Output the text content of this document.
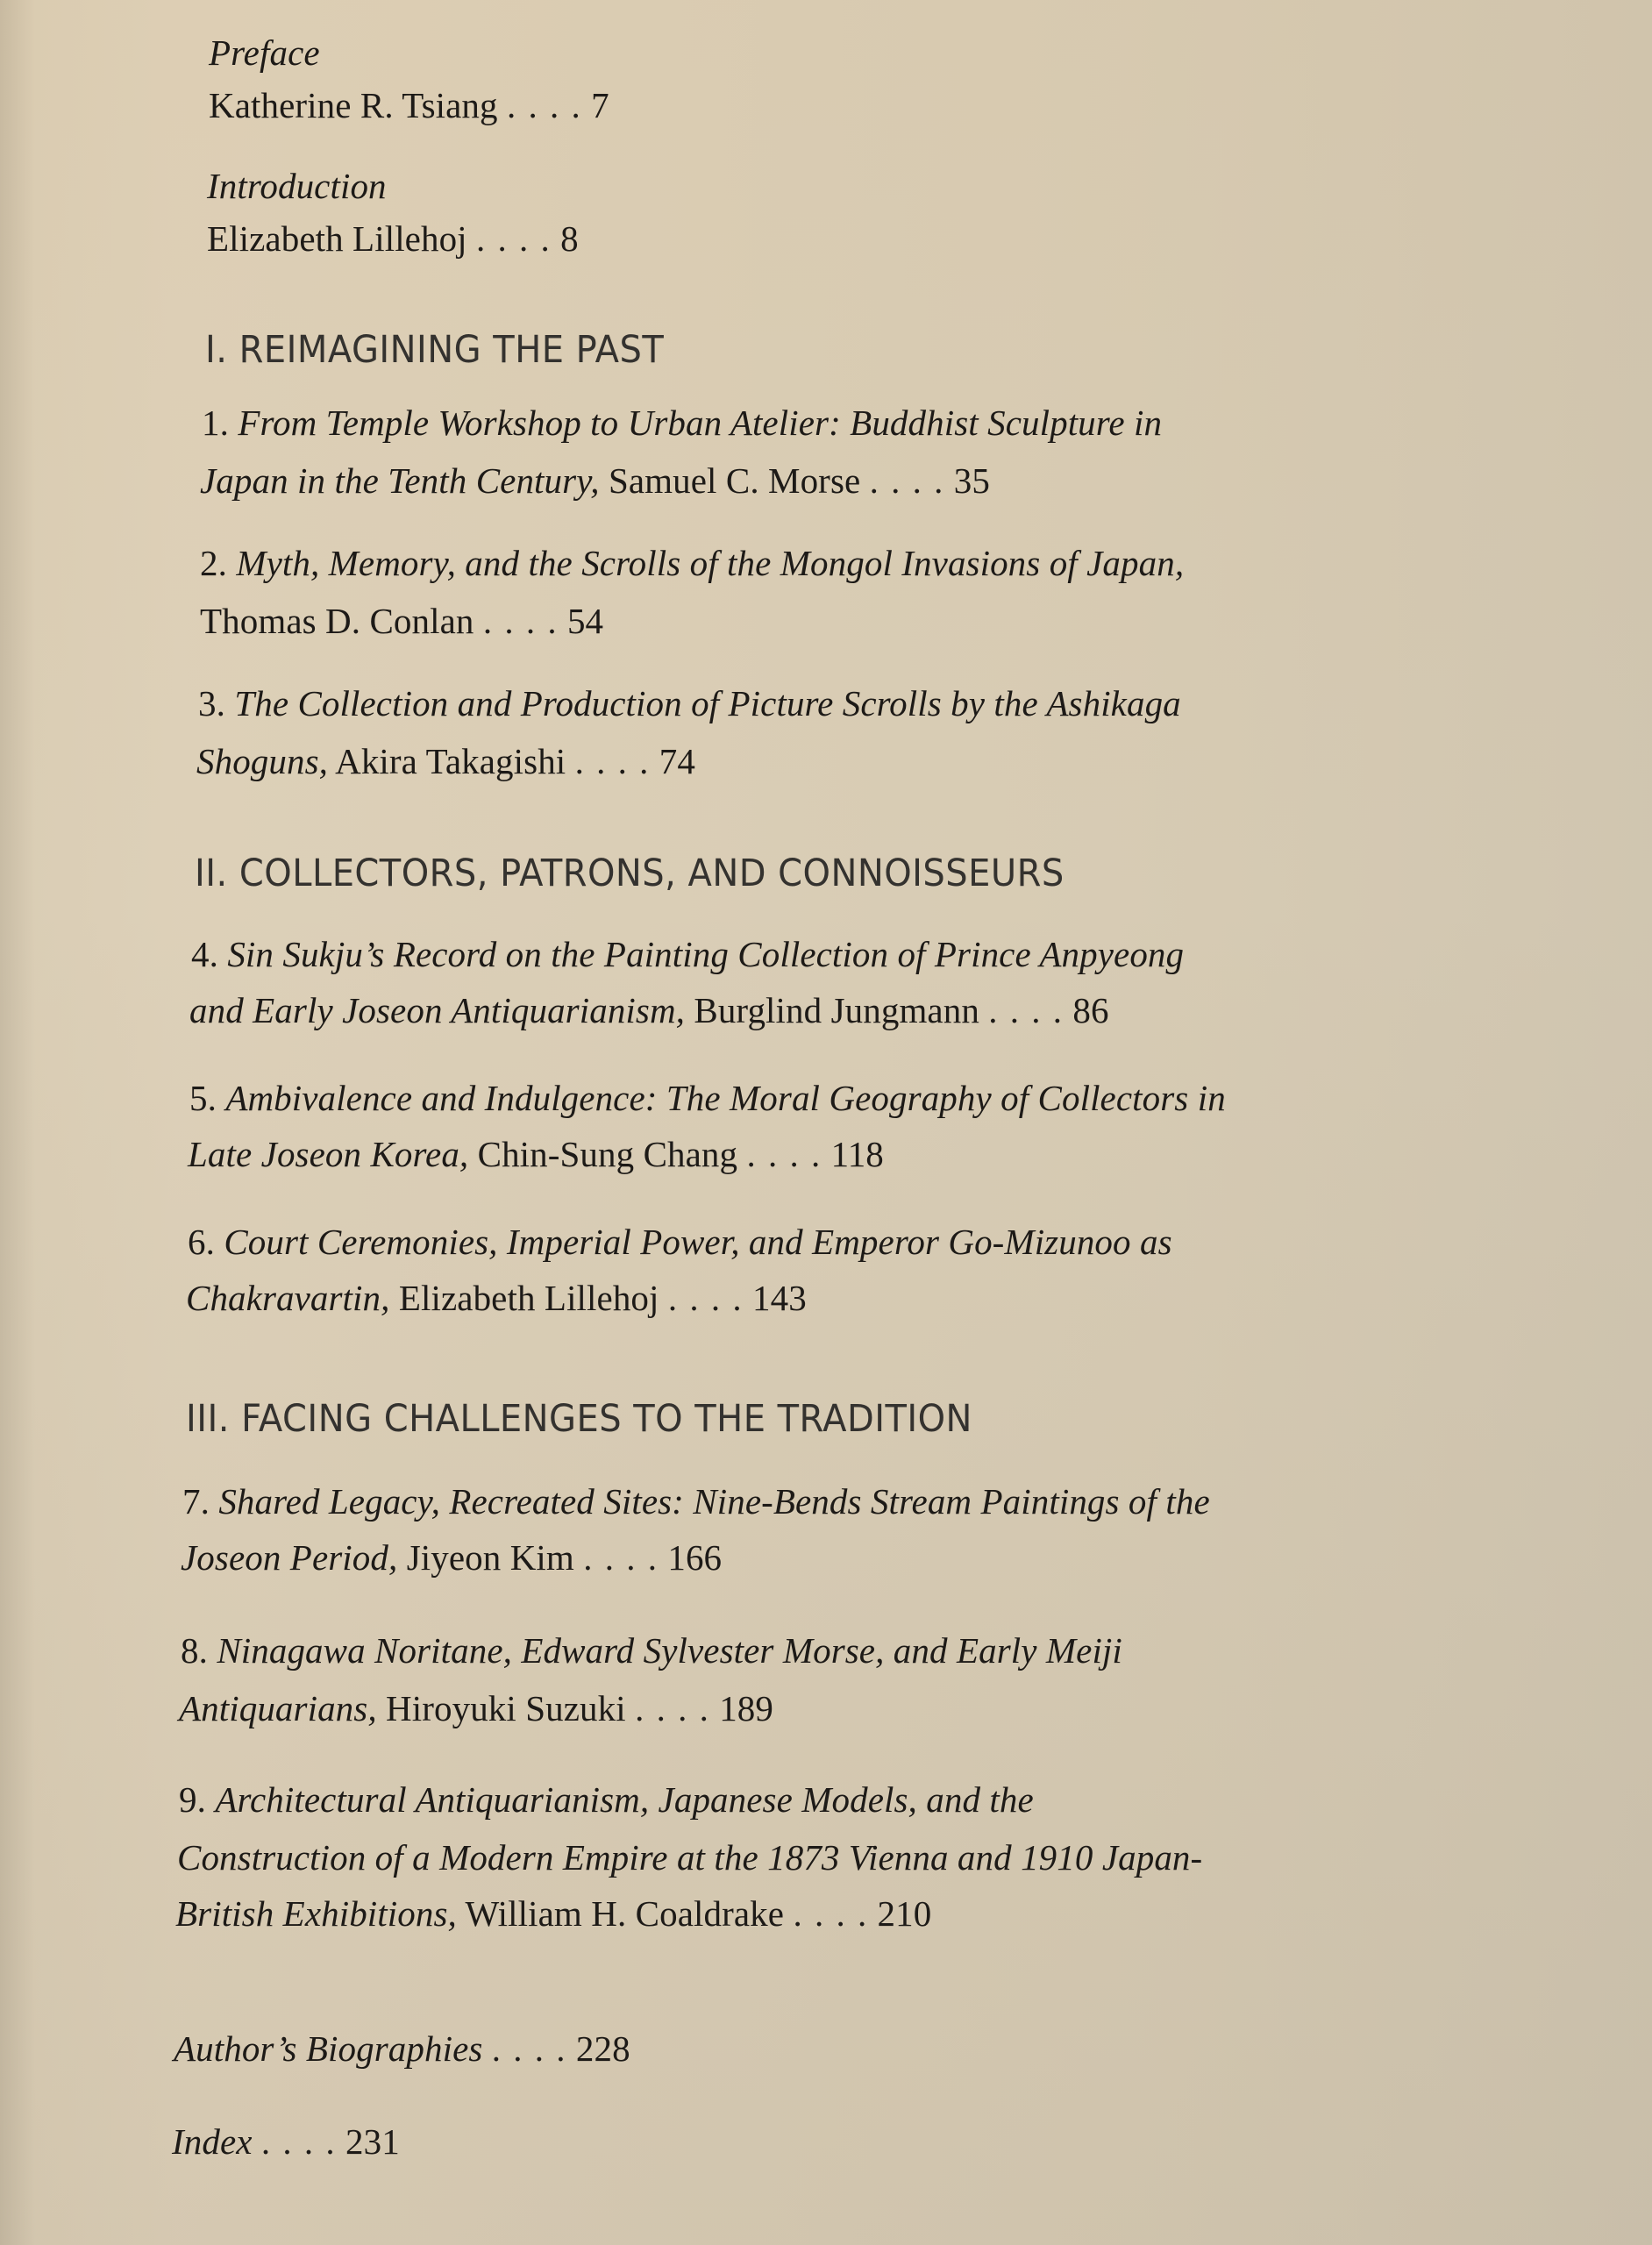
Preface
Katherine R. Tsiang . . . . 7
Introduction
Elizabeth Lillehoj . . . . 8
I. REIMAGINING THE PAST
1. From Temple Workshop to Urban Atelier: Buddhist Sculpture in
Japan in the Tenth Century, Samuel C. Morse . . . . 35
2. Myth, Memory, and the Scrolls of the Mongol Invasions of Japan,
Thomas D. Conlan . . . . 54
3. The Collection and Production of Picture Scrolls by the Ashikaga
Shoguns, Akira Takagishi . . . . 74
II. COLLECTORS, PATRONS, AND CONNOISSEURS
4. Sin Sukju’s Record on the Painting Collection of Prince Anpyeong
and Early Joseon Antiquarianism, Burglind Jungmann . . . . 86
5. Ambivalence and Indulgence: The Moral Geography of Collectors in
Late Joseon Korea, Chin-Sung Chang . . . . 118
6. Court Ceremonies, Imperial Power, and Emperor Go-Mizunoo as
Chakravartin, Elizabeth Lillehoj . . . . 143
III. FACING CHALLENGES TO THE TRADITION
7. Shared Legacy, Recreated Sites: Nine-Bends Stream Paintings of the
Joseon Period, Jiyeon Kim . . . . 166
8. Ninagawa Noritane, Edward Sylvester Morse, and Early Meiji
Antiquarians, Hiroyuki Suzuki . . . . 189
9. Architectural Antiquarianism, Japanese Models, and the
Construction of a Modern Empire at the 1873 Vienna and 1910 Japan-
British Exhibitions, William H. Coaldrake . . . . 210
Author’s Biographies . . . . 228
Index . . . . 231
